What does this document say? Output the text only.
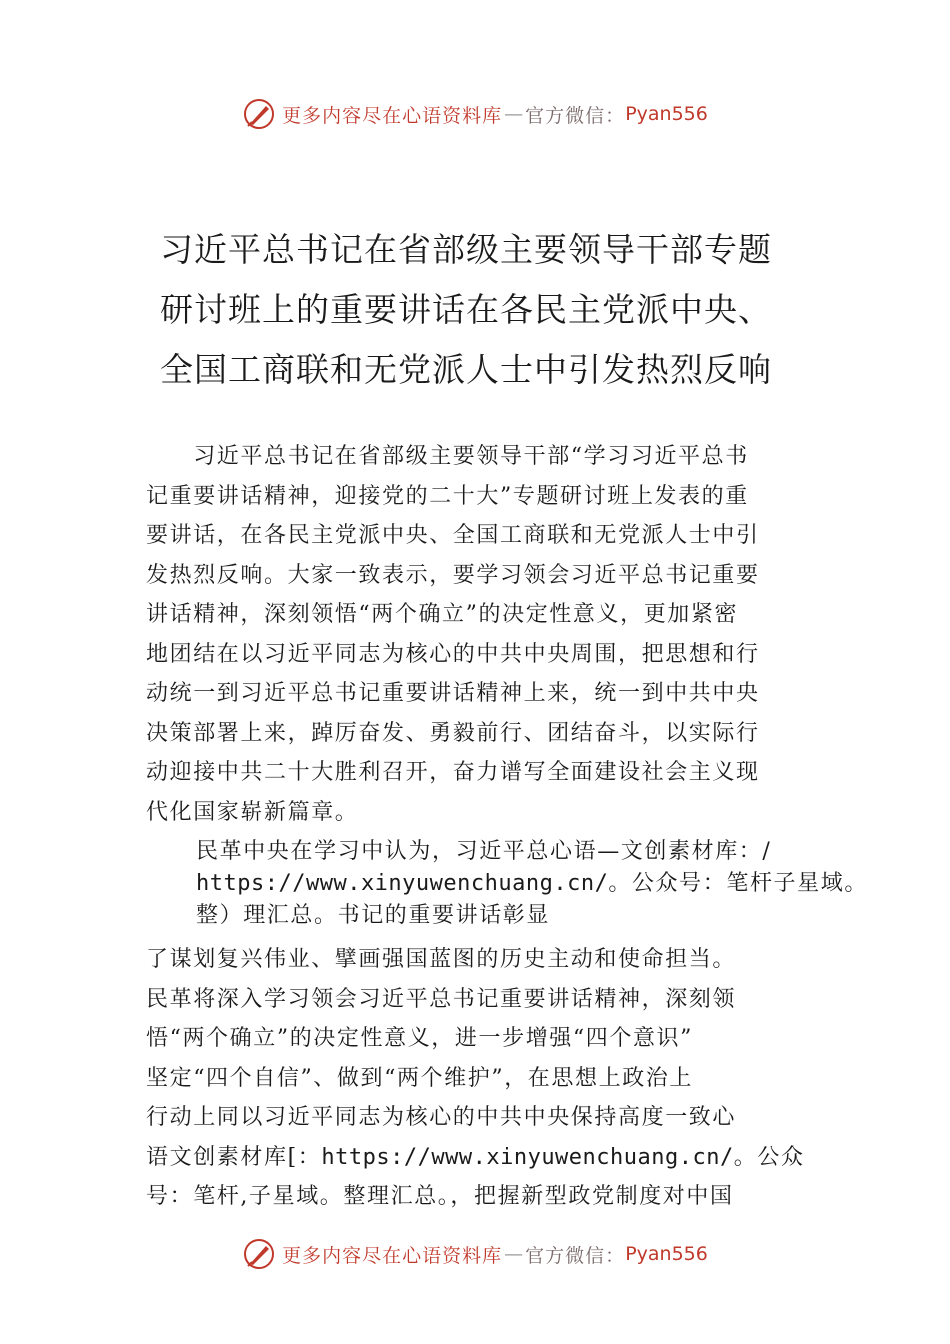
更多内容尽在心语资料库 — 官方微信： Pyan556
习近平总书记在省部级主要领导干部专题
研讨班上的重要讲话在各民主党派中央、
全国工商联和无党派人士中引发热烈反响
　　习近平总书记在省部级主要领导干部“学习习近平总书
记重要讲话精神，迎接党的二十大”专题研讨班上发表的重
要讲话，在各民主党派中央、全国工商联和无党派人士中引
发热烈反响。大家一致表示，要学习领会习近平总书记重要
讲话精神，深刻领悟“两个确立”的决定性意义，更加紧密
地团结在以习近平同志为核心的中共中央周围，把思想和行
动统一到习近平总书记重要讲话精神上来，统一到中共中央
决策部署上来，踔厉奋发、勇毅前行、团结奋斗，以实际行
动迎接中共二十大胜利召开，奋力谱写全面建设社会主义现
代化国家崭新篇章。
民革中央在学习中认为，习近平总心语—文创素材库：/
https://www.xinyuwenchuang.cn/。公众号：笔杆子星域。
整）理汇总。书记的重要讲话彰显
了谋划复兴伟业、擘画强国蓝图的历史主动和使命担当。
民革将深入学习领会习近平总书记重要讲话精神，深刻领
悟“两个确立”的决定性意义，进一步增强“四个意识”
坚定“四个自信”、做到“两个维护”，在思想上政治上
行动上同以习近平同志为核心的中共中央保持高度一致心
语文创素材库[：https://www.xinyuwenchuang.cn/。公众
号：笔杆,子星域。整理汇总。，把握新型政党制度对中国
更多内容尽在心语资料库 — 官方微信： Pyan556
